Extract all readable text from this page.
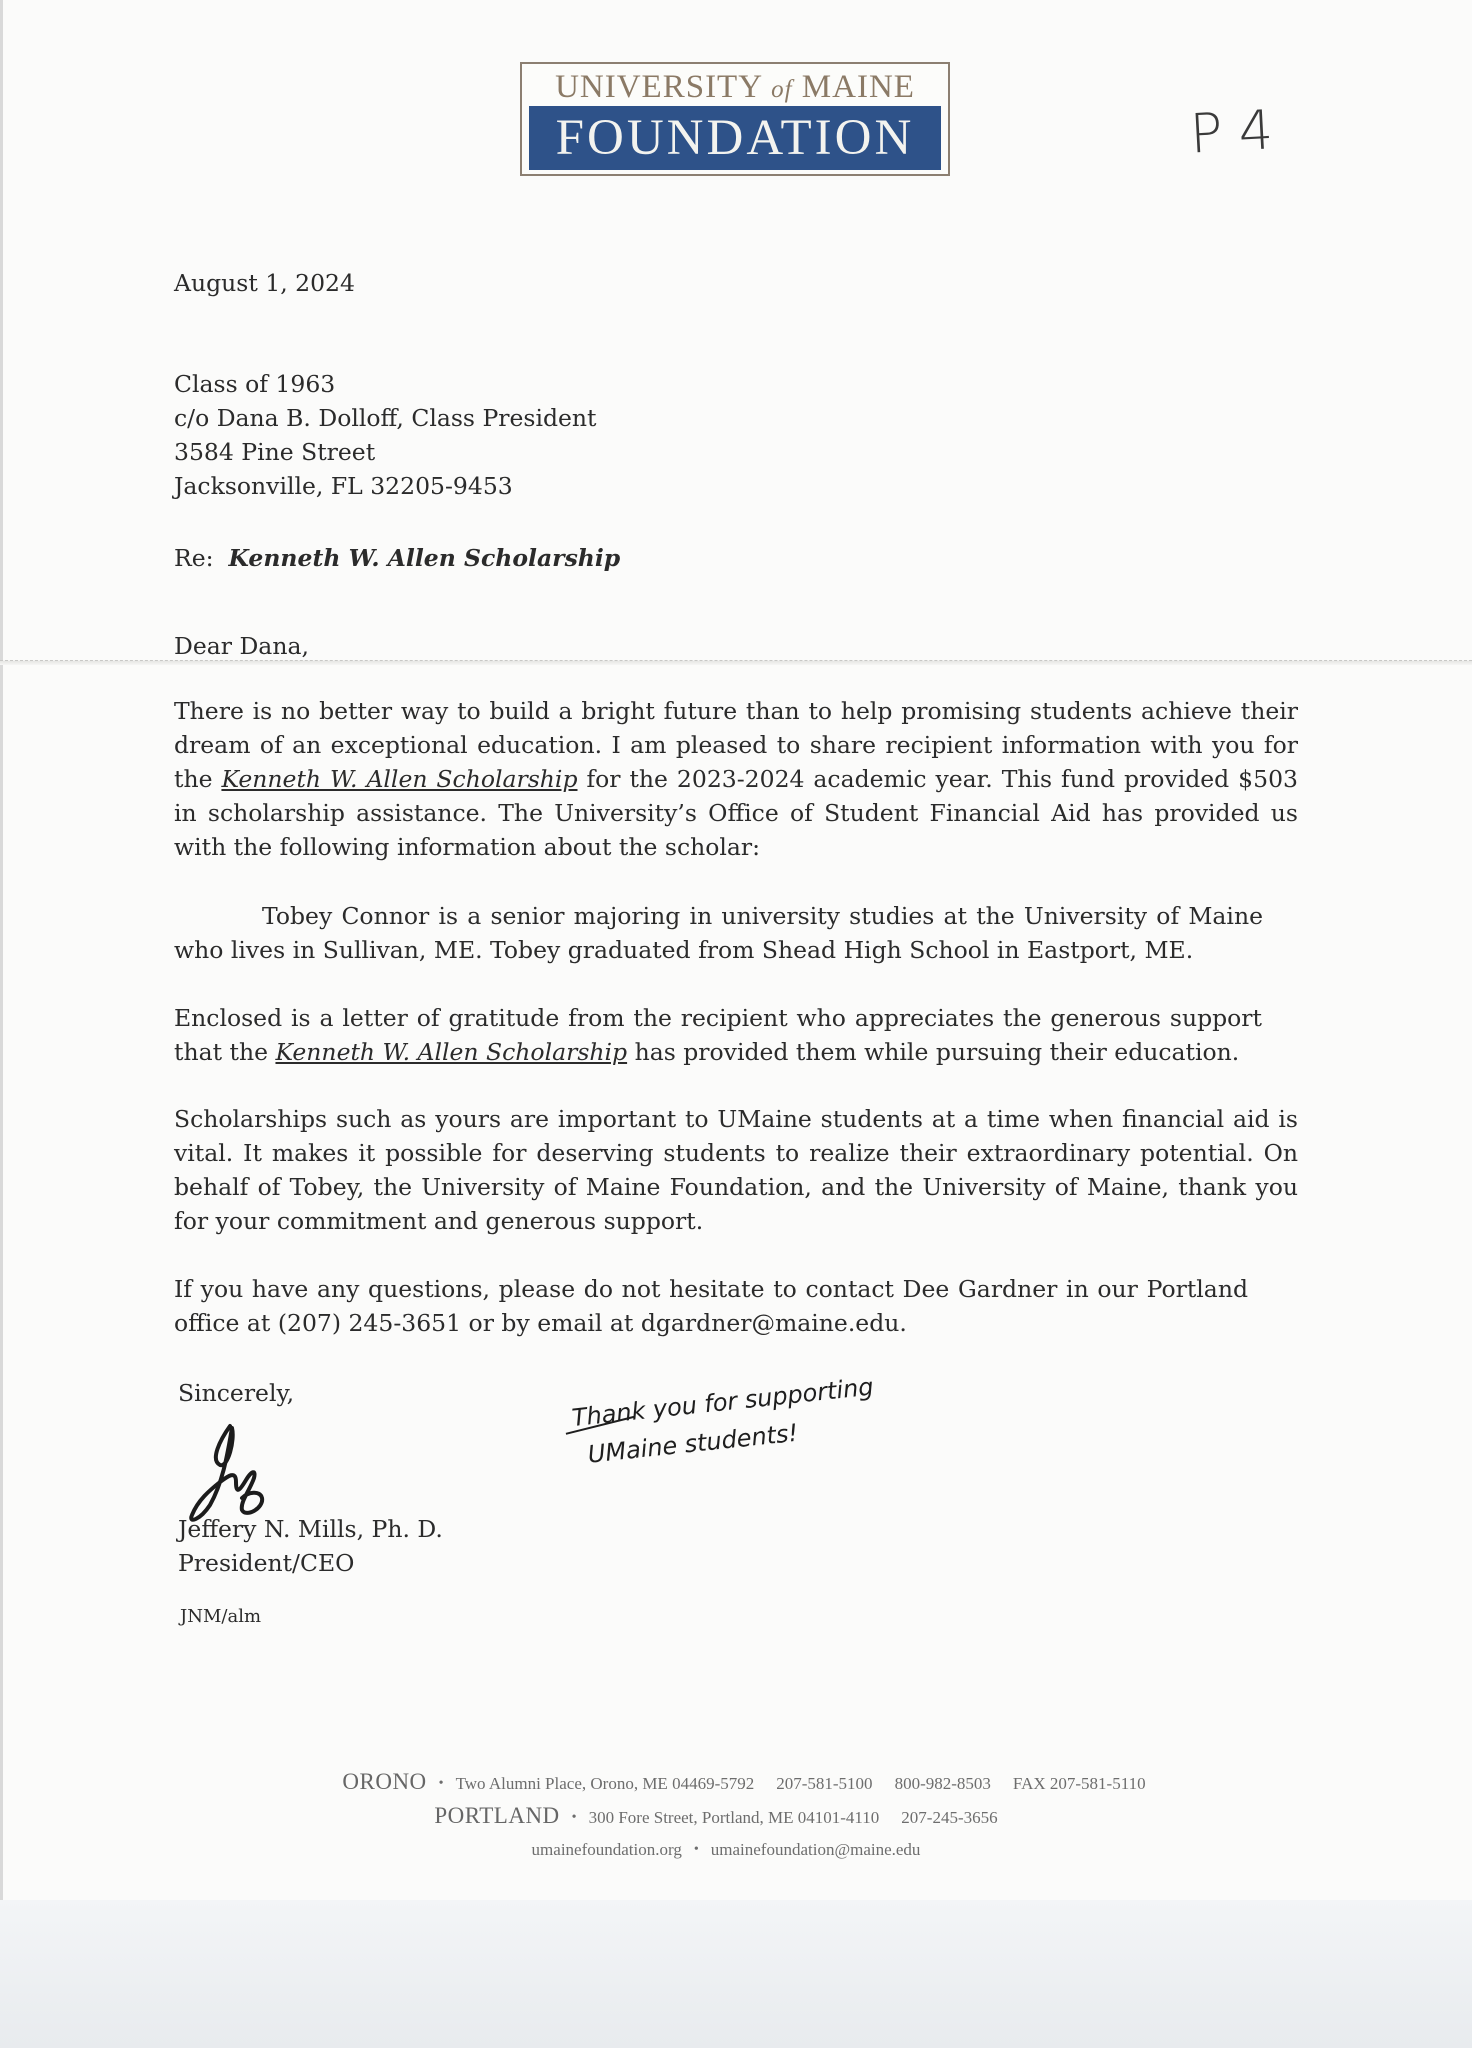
UNIVERSITY of MAINE
FOUNDATION	P4
August 1, 2024
Class of 1963
c/o Dana B. Dolloff, Class President
3584 Pine Street
Jacksonville, FL 32205-9453
Re: Kenneth W. Allen Scholarship
Dear Dana,
There is no better way to build a bright future than to help promising students achieve their
dream of an exceptional education. I am pleased to share recipient information with you for
the Kenneth W. Allen Scholarship for the 2023-2024 academic year. This fund provided $503
in scholarship assistance. The University’s Office of Student Financial Aid has provided us
with the following information about the scholar:
Tobey Connor is a senior majoring in university studies at the University of Maine
who lives in Sullivan, ME. Tobey graduated from Shead High School in Eastport, ME.
Enclosed is a letter of gratitude from the recipient who appreciates the generous support
that the Kenneth W. Allen Scholarship has provided them while pursuing their education.
Scholarships such as yours are important to UMaine students at a time when financial aid is
vital. It makes it possible for deserving students to realize their extraordinary potential. On
behalf of Tobey, the University of Maine Foundation, and the University of Maine, thank you
for your commitment and generous support.
If you have any questions, please do not hesitate to contact Dee Gardner in our Portland
office at (207) 245-3651 or by email at dgardner@maine.edu.
Sincerely,
Jeffery N. Mills, Ph. D.
President/CEO
JNM/alm
Thank you for supporting
UMaine students!
ORONO • Two Alumni Place, Orono, ME 04469-5792 207-581-5100 800-982-8503 FAX 207-581-5110
PORTLAND • 300 Fore Street, Portland, ME 04101-4110 207-245-3656
umainefoundation.org • umainefoundation@maine.edu
